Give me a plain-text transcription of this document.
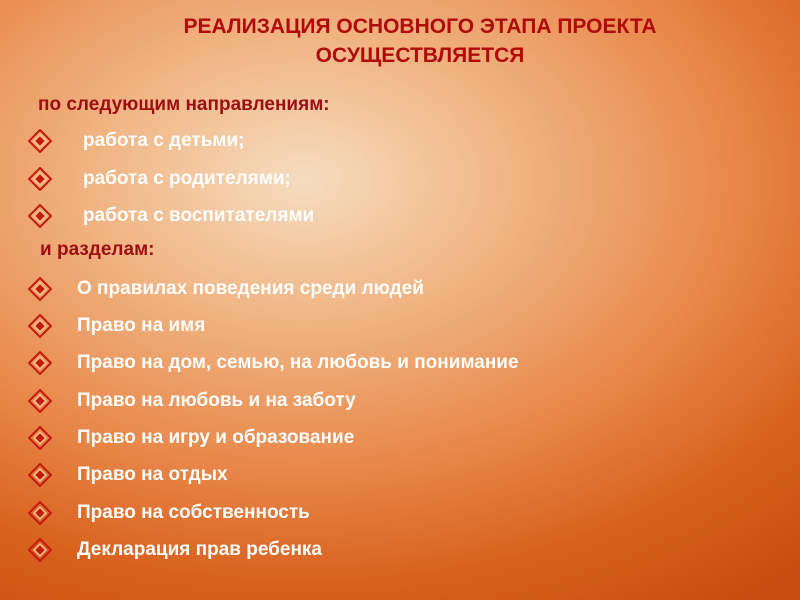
РЕАЛИЗАЦИЯ ОСНОВНОГО ЭТАПА ПРОЕКТА
ОСУЩЕСТВЛЯЕТСЯ
по следующим направлениям:
работа с детьми;
работа с родителями;
работа с воспитателями
и разделам:
О правилах поведения среди людей
Право на имя
Право на дом, семью, на любовь и понимание
Право на любовь и на заботу
Право на игру и образование
Право на отдых
Право на собственность
Декларация прав ребенка
